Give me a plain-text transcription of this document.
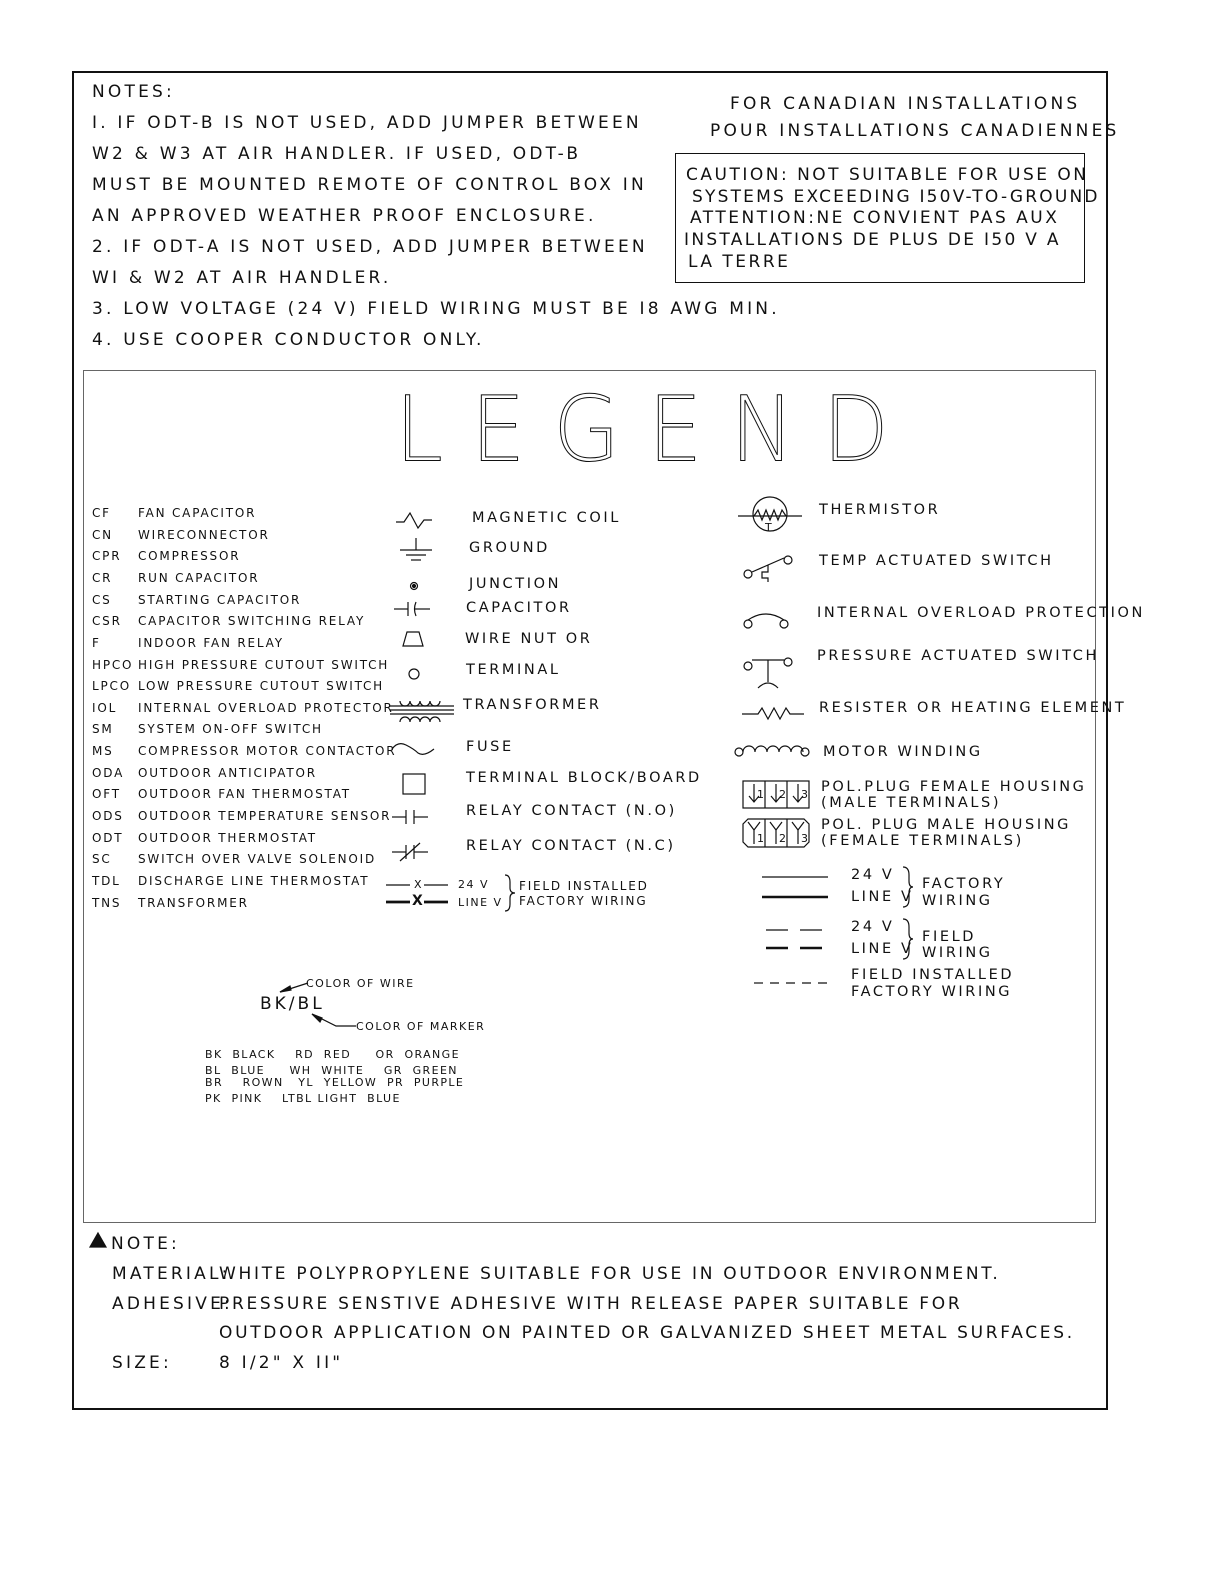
NOTES:
I. IF ODT-B IS NOT USED, ADD JUMPER BETWEEN
W2 & W3 AT AIR HANDLER. IF USED, ODT-B
MUST BE MOUNTED REMOTE OF CONTROL BOX IN
AN APPROVED WEATHER PROOF ENCLOSURE.
2. IF ODT-A IS NOT USED, ADD JUMPER BETWEEN
WI & W2 AT AIR HANDLER.
3. LOW VOLTAGE (24 V) FIELD WIRING MUST BE I8 AWG MIN.
4. USE COOPER CONDUCTOR ONLY.
FOR CANADIAN INSTALLATIONS
POUR INSTALLATIONS CANADIENNES
CAUTION: NOT SUITABLE FOR USE ON
SYSTEMS EXCEEDING I50V-TO-GROUND
ATTENTION:NE CONVIENT PAS AUX
INSTALLATIONS DE PLUS DE I50 V A
LA TERRE
LEGEND
CF FAN CAPACITOR
CN WIRECONNECTOR
CPR COMPRESSOR
CR RUN CAPACITOR
CS STARTING CAPACITOR
CSR CAPACITOR SWITCHING RELAY
F	INDOOR FAN RELAY
HPCO HIGH PRESSURE CUTOUT SWITCH
LPCO LOW PRESSURE CUTOUT SWITCH
IOL INTERNAL OVERLOAD PROTECTOR
SM SYSTEM ON-OFF SWITCH
MS COMPRESSOR MOTOR CONTACTOR
ODA OUTDOOR ANTICIPATOR
OFT OUTDOOR FAN THERMOSTAT
ODS OUTDOOR TEMPERATURE SENSOR
ODT OUTDOOR THERMOSTAT
SC SWITCH OVER VALVE SOLENOID
TDL DISCHARGE LINE THERMOSTAT
TNS TRANSFORMER
MAGNETIC COIL
GROUND
JUNCTION
CAPACITOR
WIRE NUT OR
TERMINAL
TRANSFORMER
FUSE
TERMINAL BLOCK/BOARD
RELAY CONTACT (N.O)
RELAY CONTACT (N.C)
X
X
24 V
LINE V
FIELD INSTALLED
FACTORY WIRING
T
THERMISTOR
TEMP ACTUATED SWITCH
INTERNAL OVERLOAD PROTECTION
PRESSURE ACTUATED SWITCH
RESISTER OR HEATING ELEMENT
MOTOR WINDING
1 2 3 POL.PLUG FEMALE HOUSING
(MALE TERMINALS)
1 2 3
POL. PLUG MALE HOUSING
(FEMALE TERMINALS)
24 V
LINE V
FACTORY
WIRING
24 V
LINE V
FIELD
WIRING
FIELD INSTALLED
FACTORY WIRING
COLOR OF WIRE
BK/BL
COLOR OF MARKER
BK  BLACK    RD  RED     OR  ORANGE
BL  BLUE     WH  WHITE    GR  GREEN
BR    ROWN   YL  YELLOW  PR  PURPLE
PK  PINK    LTBL LIGHT  BLUE
NOTE:
MATERIAL:
WHITE POLYPROPYLENE SUITABLE FOR USE IN OUTDOOR ENVIRONMENT.
ADHESIVE:
PRESSURE SENSTIVE ADHESIVE WITH RELEASE PAPER SUITABLE FOR
OUTDOOR APPLICATION ON PAINTED OR GALVANIZED SHEET METAL SURFACES.
SIZE:	8 I/2" X II"
